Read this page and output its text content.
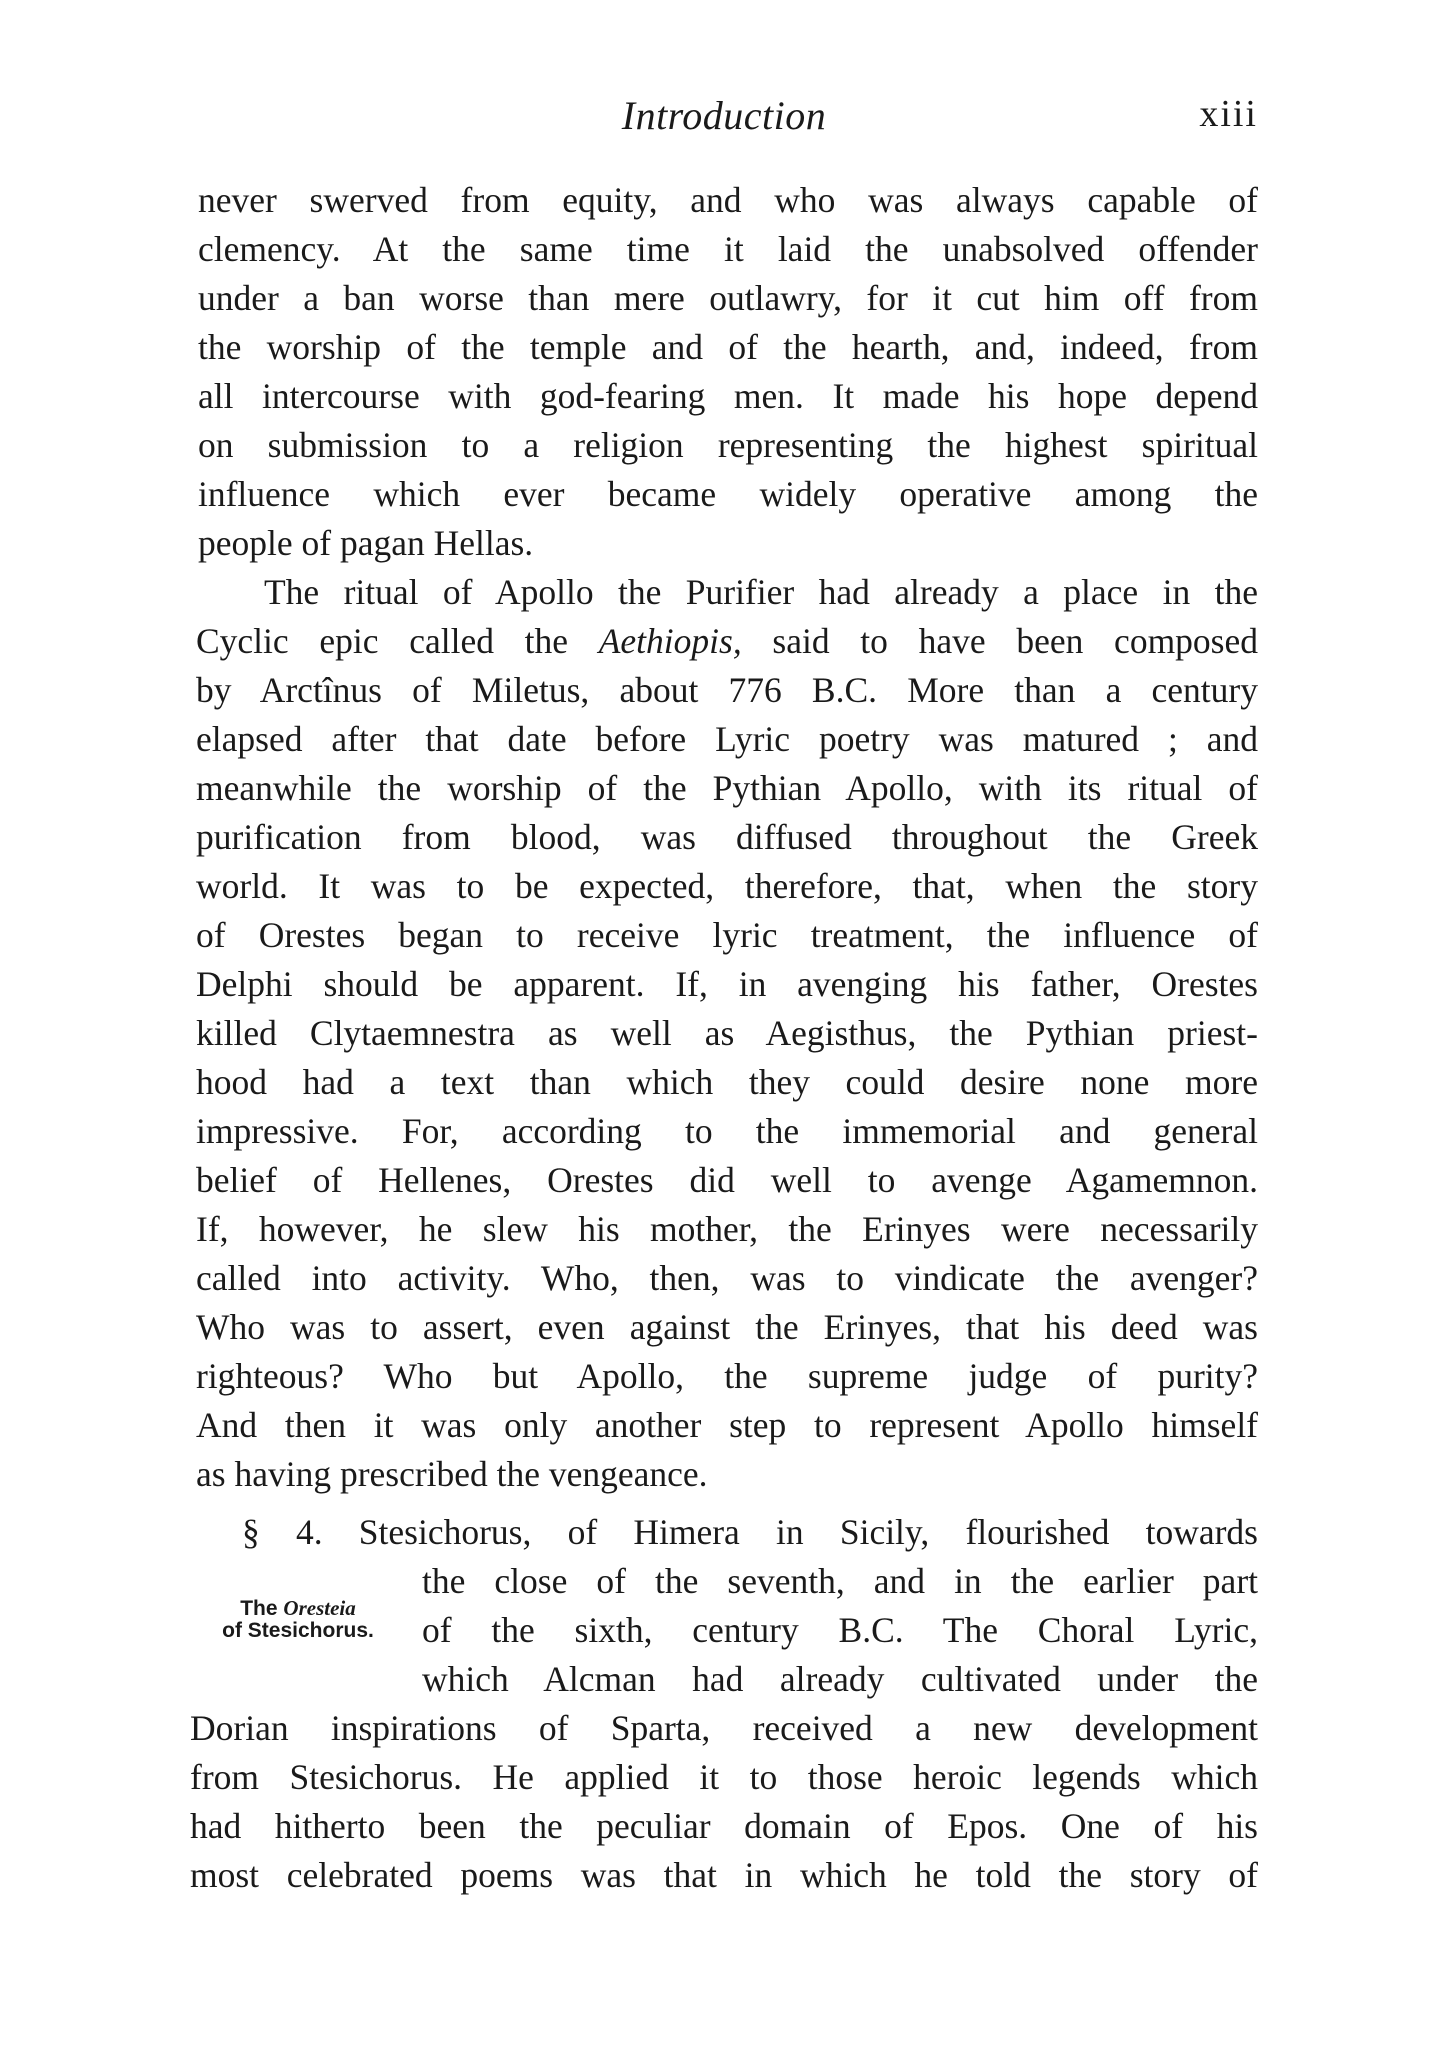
Introduction	xiii
never swerved from equity, and who was always capable of
clemency. At the same time it laid the unabsolved offender
under a ban worse than mere outlawry, for it cut him off from
the worship of the temple and of the hearth, and, indeed, from
all intercourse with god-fearing men. It made his hope depend
on submission to a religion representing the highest spiritual
influence which ever became widely operative among the
people of pagan Hellas.
The ritual of Apollo the Purifier had already a place in the
Cyclic epic called the Aethiopis, said to have been composed
by Arctînus of Miletus, about 776 B.C. More than a century
elapsed after that date before Lyric poetry was matured ; and
meanwhile the worship of the Pythian Apollo, with its ritual of
purification from blood, was diffused throughout the Greek
world. It was to be expected, therefore, that, when the story
of Orestes began to receive lyric treatment, the influence of
Delphi should be apparent. If, in avenging his father, Orestes
killed Clytaemnestra as well as Aegisthus, the Pythian priest-
hood had a text than which they could desire none more
impressive. For, according to the immemorial and general
belief of Hellenes, Orestes did well to avenge Agamemnon.
If, however, he slew his mother, the Erinyes were necessarily
called into activity. Who, then, was to vindicate the avenger?
Who was to assert, even against the Erinyes, that his deed was
righteous? Who but Apollo, the supreme judge of purity?
And then it was only another step to represent Apollo himself
as having prescribed the vengeance.
§ 4. Stesichorus, of Himera in Sicily, flourished towards
the close of the seventh, and in the earlier part
of the sixth, century B.C. The Choral Lyric,
which Alcman had already cultivated under the
Dorian inspirations of Sparta, received a new development
from Stesichorus. He applied it to those heroic legends which
had hitherto been the peculiar domain of Epos. One of his
most celebrated poems was that in which he told the story of
The Oresteia
of Stesichorus.
